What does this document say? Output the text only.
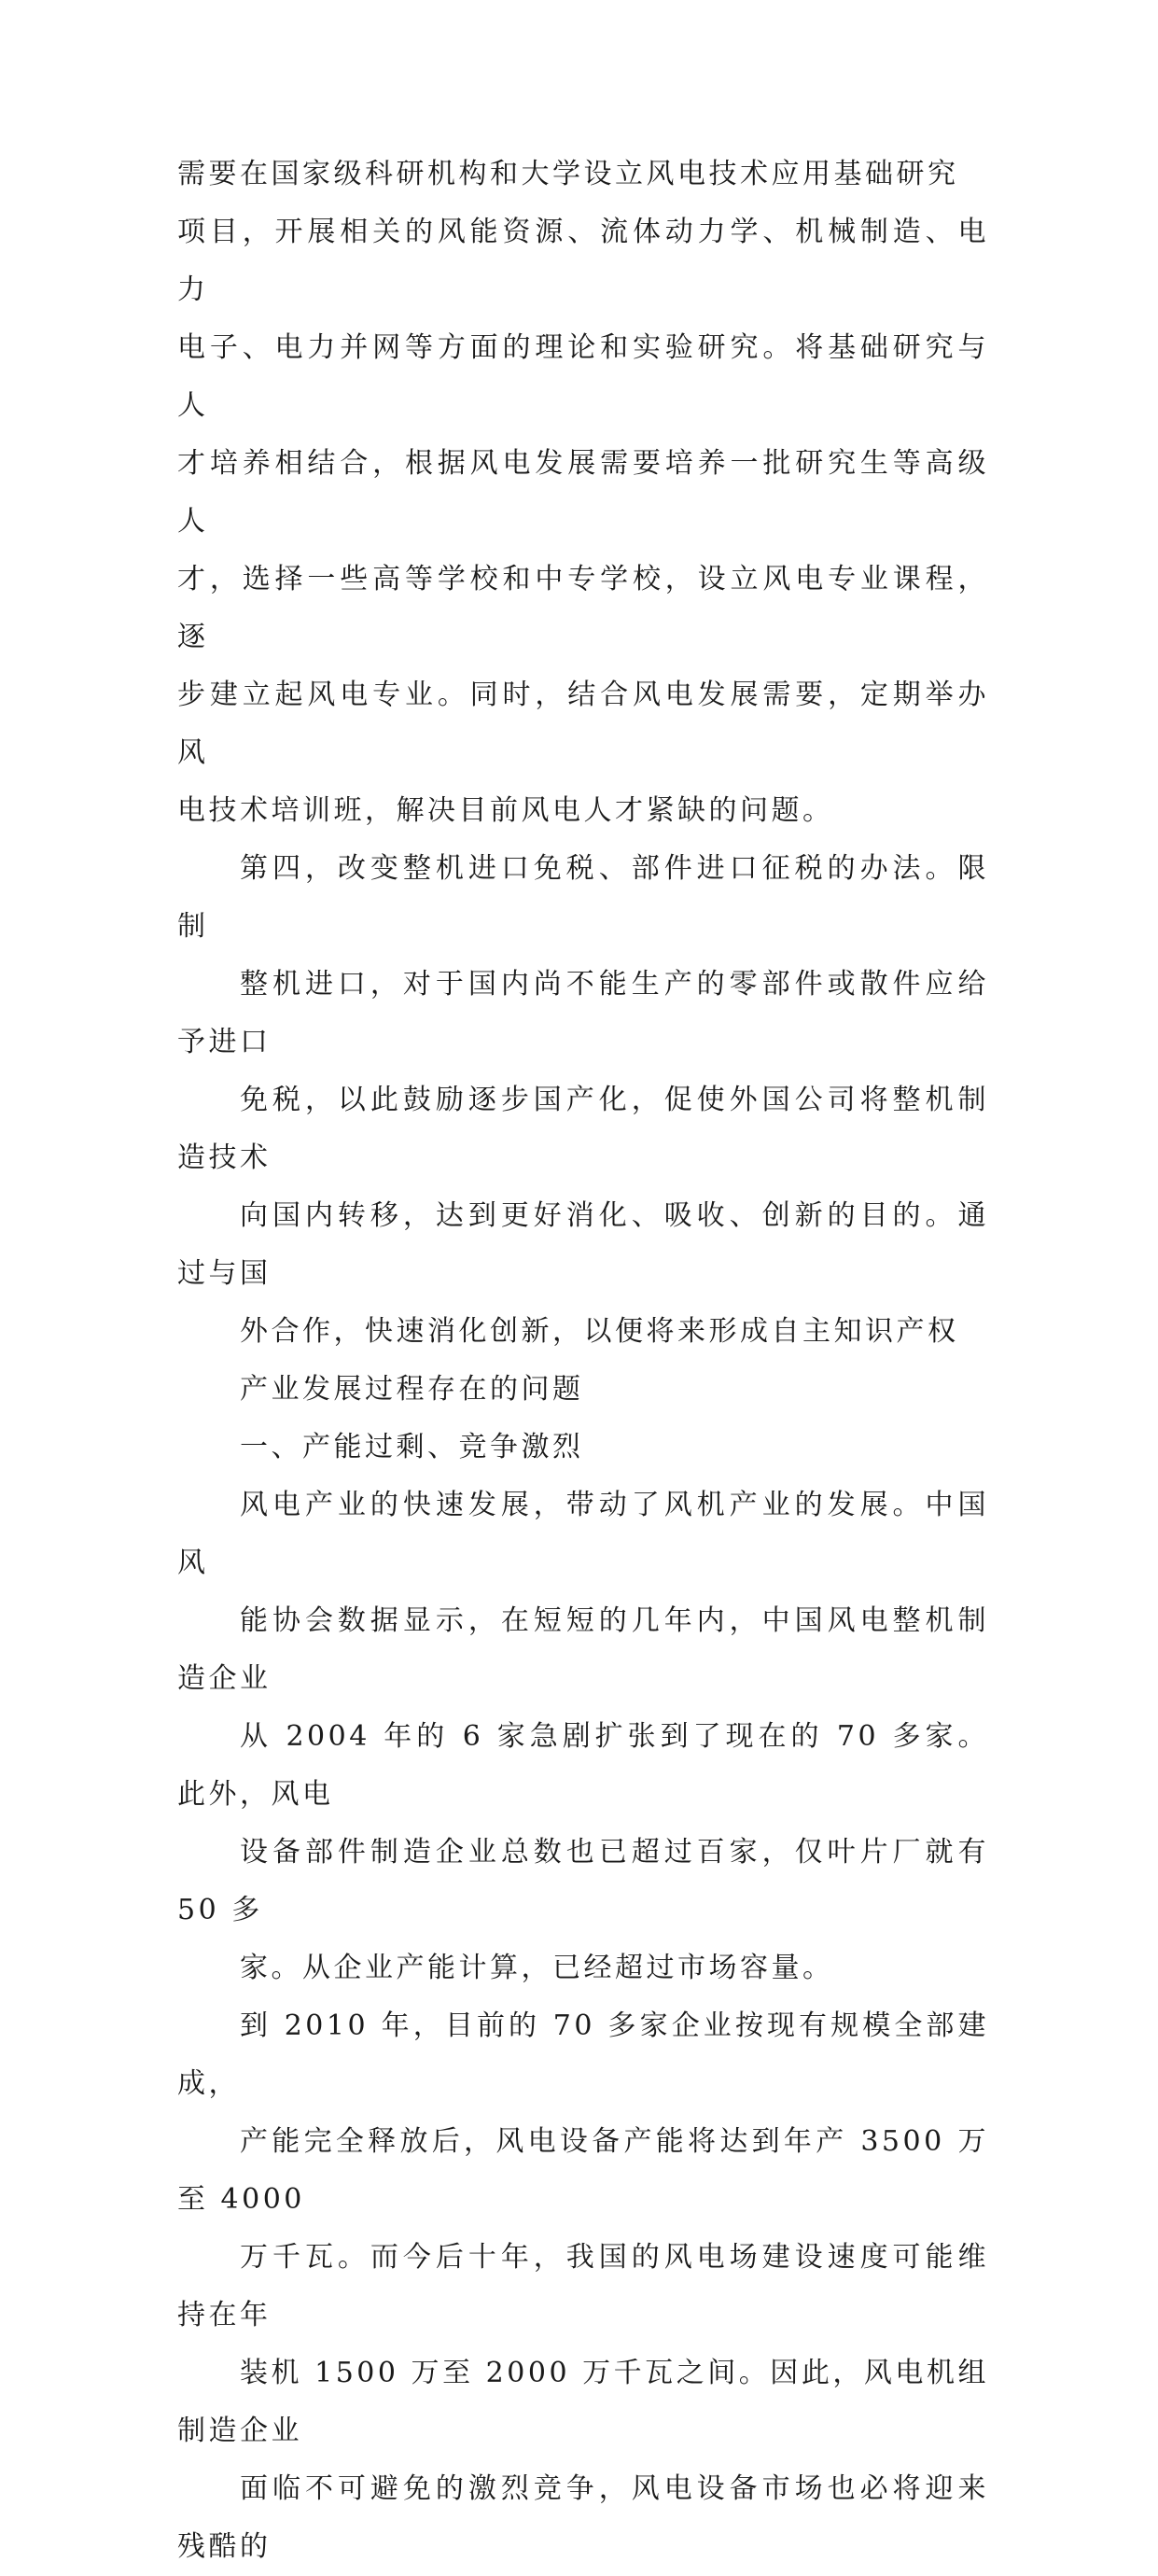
需要在国家级科研机构和大学设立风电技术应用基础研究
项目，开展相关的风能资源、流体动力学、机械制造、电力
电子、电力并网等方面的理论和实验研究。将基础研究与人
才培养相结合，根据风电发展需要培养一批研究生等高级人
才，选择一些高等学校和中专学校，设立风电专业课程，逐
步建立起风电专业。同时，结合风电发展需要，定期举办风
电技术培训班，解决目前风电人才紧缺的问题。
第四，改变整机进口免税、部件进口征税的办法。限制
整机进口，对于国内尚不能生产的零部件或散件应给予进口
免税，以此鼓励逐步国产化，促使外国公司将整机制造技术
向国内转移，达到更好消化、吸收、创新的目的。通过与国
外合作，快速消化创新，以便将来形成自主知识产权
产业发展过程存在的问题
一、产能过剩、竞争激烈
风电产业的快速发展，带动了风机产业的发展。中国风
能协会数据显示，在短短的几年内，中国风电整机制造企业
从 2004 年的 6 家急剧扩张到了现在的 70 多家。此外，风电
设备部件制造企业总数也已超过百家，仅叶片厂就有 50 多
家。从企业产能计算，已经超过市场容量。
到 2010 年，目前的 70 多家企业按现有规模全部建成，
产能完全释放后，风电设备产能将达到年产 3500 万至 4000
万千瓦。而今后十年，我国的风电场建设速度可能维持在年
装机 1500 万至 2000 万千瓦之间。因此，风电机组制造企业
面临不可避免的激烈竞争，风电设备市场也必将迎来残酷的
